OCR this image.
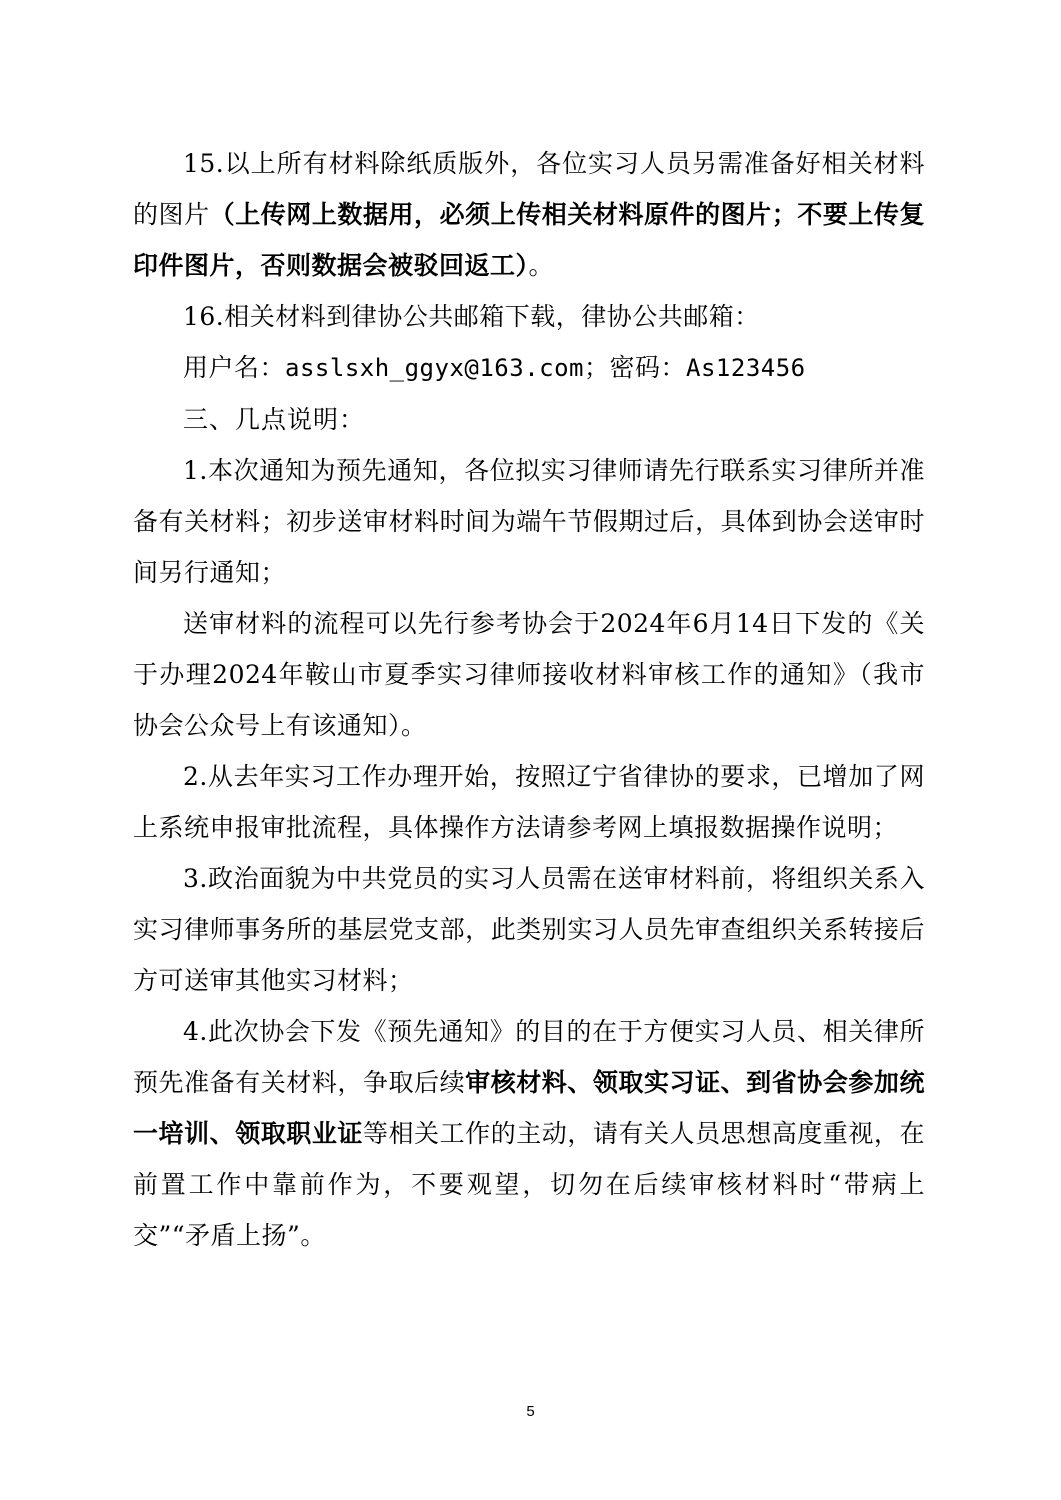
15.以上所有材料除纸质版外，各位实习人员另需准备好相关材料的图片（上传网上数据用，必须上传相关材料原件的图片；不要上传复印件图片，否则数据会被驳回返工）。

16.相关材料到律协公共邮箱下载，律协公共邮箱：

用户名：asslsxh_ggyx@163.com；密码：As123456

三、几点说明：

1.本次通知为预先通知，各位拟实习律师请先行联系实习律所并准备有关材料；初步送审材料时间为端午节假期过后，具体到协会送审时间另行通知；

送审材料的流程可以先行参考协会于2024年6月14日下发的《关于办理2024年鞍山市夏季实习律师接收材料审核工作的通知》（我市协会公众号上有该通知）。

2.从去年实习工作办理开始，按照辽宁省律协的要求，已增加了网上系统申报审批流程，具体操作方法请参考网上填报数据操作说明；

3.政治面貌为中共党员的实习人员需在送审材料前，将组织关系入实习律师事务所的基层党支部，此类别实习人员先审查组织关系转接后方可送审其他实习材料；

4.此次协会下发《预先通知》的目的在于方便实习人员、相关律所预先准备有关材料，争取后续审核材料、领取实习证、到省协会参加统一培训、领取职业证等相关工作的主动，请有关人员思想高度重视，在前置工作中靠前作为，不要观望，切勿在后续审核材料时“带病上交”“矛盾上扬”。

5
